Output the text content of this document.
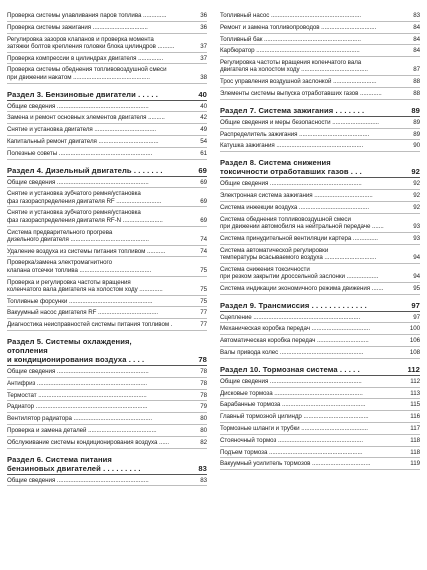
Проверка системы улавливания паров топлива ..............	36
Проверка системы зажигания .................................	36
Регулировка зазоров клапанов и проверка момента
затяжки болтов крепления головки блока цилиндров ..........	37
Проверка компрессии в цилиндрах двигателя ...............	37
Проверка системы обеднения топливовоздушной смеси
при движении накатом ..............................................	38
Раздел 3. Бензиновые двигатели . . . . .	40
Общие сведения .......................................................	40
Замена и ремонт основных элементов двигателя ..........	42
Снятие и установка двигателя .....................................	49
Капитальный ремонт двигателя ....................................	54
Полезные советы ........................................................	61
Раздел 4. Дизельный двигатель . . . . . . .	69
Общие сведения .......................................................	69
Снятие и установка зубчатого ремня/установка
фаз газораспределения двигателя RF ...........................	69
Снятие и установка зубчатого ремня/установка
фаз газораспределения двигателя RF-N ........................	69
Система предварительного прогрева
дизельного двигателя ...............................................	74
Удаление воздуха из системы питания топливом ...........	74
Проверка/замена электромагнитного
клапана отсечки топлива ...........................................	75
Проверка и регулировка частоты вращения
коленчатого вала двигателя на холостом ходу ..............	75
Топливные форсунки ..................................................	75
Вакуумный насос двигателя RF ....................................	77
Диагностика неисправностей системы питания топливом .	77
Раздел 5. Системы охлаждения,
отопления
и кондиционирования воздуха . . . .	78
Общие сведения .......................................................	78
Антифриз ..................................................................	78
Термостат .................................................................	78
Радиатор ...................................................................	79
Вентилятор радиатора ...............................................	80
Проверка и замена деталей .........................................	80
Обслуживание системы кондиционирования воздуха ......	82
Раздел 6. Система питания
бензиновых двигателей . . . . . . . . .	83
Общие сведения .......................................................	83
Топливный насос ......................................................	83
Ремонт и замена топливопроводов .................................	84
Топливный бак ..........................................................	84
Карбюратор ..............................................................	84
Регулировка частоты вращения коленчатого вала
двигателя на холостом ходу ........................................	87
Трос управления воздушной заслонкой ..........................	88
Элементы системы выпуска отработавших газов .............	88
Раздел 7. Система зажигания . . . . . . .	89
Общие сведения и меры безопасности ............................	89
Распределитель зажигания ..........................................	89
Катушка зажигания ....................................................	90
Раздел 8. Система снижения
токсичности отработавших газов . . .	92
Общие сведения .......................................................	92
Электронная система зажигания ...................................	92
Система инжекции воздуха ..........................................	92
Система обеднения топливовоздушной смеси
при движении автомобиля на нейтральной передаче .......	93
Система принудительной вентиляции картера ...............	93
Система автоматической регулировки
температуры всасываемого воздуха ...............................	94
Система снижения токсичности
при резком закрытии дроссельной заслонки ...................	94
Система индикации экономичного режима движения .......	95
Раздел 9. Трансмиссия . . . . . . . . . . . . .	97
Сцепление ................................................................	97
Механическая коробка передач ...................................	100
Автоматическая коробка передач ...............................	106
Валы привода колес ..................................................	108
Раздел 10. Тормозная система . . . . .	112
Общие сведения .......................................................	112
Дисковые тормоза .....................................................	113
Барабанные тормоза ..................................................	115
Главный тормозной цилиндр .......................................	116
Тормозные шланги и трубки ........................................	117
Стояночный тормоз ...................................................	118
Подъем тормоза ........................................................	118
Вакуумный усилитель тормозов ...................................	119
